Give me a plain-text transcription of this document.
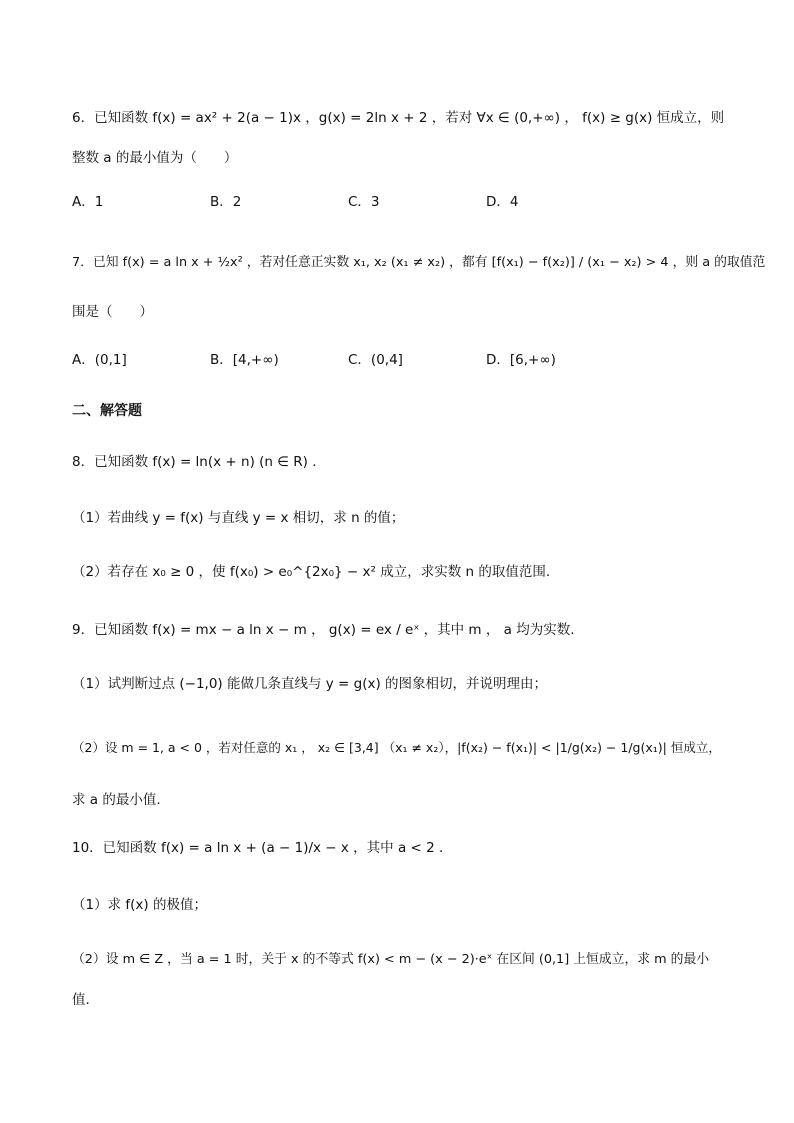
6．已知函数 f(x) = ax² + 2(a − 1)x ，g(x) = 2ln x + 2 ，若对 ∀x ∈ (0,+∞) ， f(x) ≥ g(x) 恒成立，则
整数 a 的最小值为（　　）
A．1	B．2	C．3	D．4
7．已知 f(x) = a ln x + ½x² ，若对任意正实数 x₁, x₂ (x₁ ≠ x₂) ，都有 [f(x₁) − f(x₂)] / (x₁ − x₂) > 4 ，则 a 的取值范
围是（　　）
A．(0,1]	B．[4,+∞)	C．(0,4]	D．[6,+∞)
二、解答题
8．已知函数 f(x) = ln(x + n) (n ∈ R) .
（1）若曲线 y = f(x) 与直线 y = x 相切，求 n 的值；
（2）若存在 x₀ ≥ 0 ，使 f(x₀) > e₀^{2x₀} − x² 成立，求实数 n 的取值范围.
9．已知函数 f(x) = mx − a ln x − m ， g(x) = ex / eˣ ，其中 m ， a 均为实数.
（1）试判断过点 (−1,0) 能做几条直线与 y = g(x) 的图象相切，并说明理由；
（2）设 m = 1, a < 0 ，若对任意的 x₁ ， x₂ ∈ [3,4] （x₁ ≠ x₂），|f(x₂) − f(x₁)| < |1/g(x₂) − 1/g(x₁)| 恒成立，
求 a 的最小值.
10．已知函数 f(x) = a ln x + (a − 1)/x − x ，其中 a < 2 .
（1）求 f(x) 的极值；
（2）设 m ∈ Z ，当 a = 1 时，关于 x 的不等式 f(x) < m − (x − 2)·eˣ 在区间 (0,1] 上恒成立，求 m 的最小
值.
